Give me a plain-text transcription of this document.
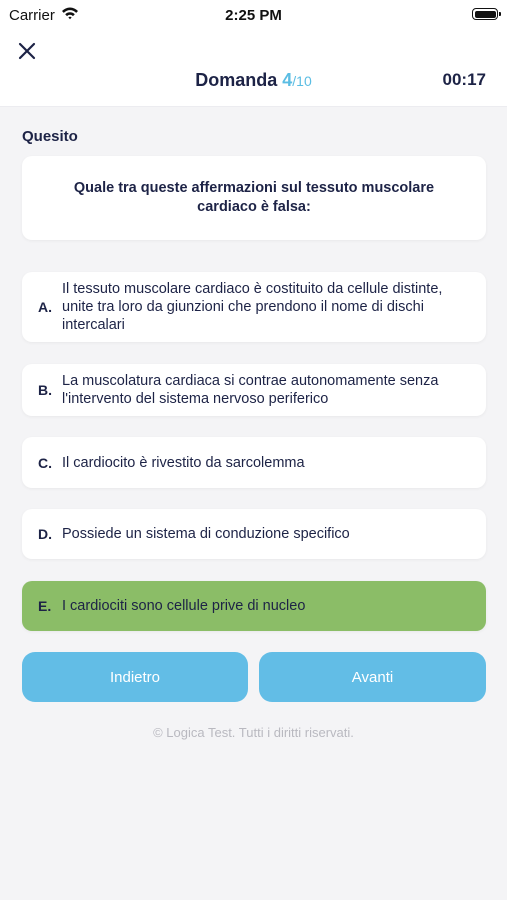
Carrier	2:25 PM
Domanda 4/10	00:17
Quesito
Quale tra queste affermazioni sul tessuto muscolare cardiaco è falsa:
A.
Il tessuto muscolare cardiaco è costituito da cellule distinte, unite tra loro da giunzioni che prendono il nome di dischi intercalari
B.
La muscolatura cardiaca si contrae autonomamente senza l'intervento del sistema nervoso periferico
C. Il cardiocito è rivestito da sarcolemma
D. Possiede un sistema di conduzione specifico
E. I cardiociti sono cellule prive di nucleo
Indietro	Avanti
© Logica Test. Tutti i diritti riservati.
